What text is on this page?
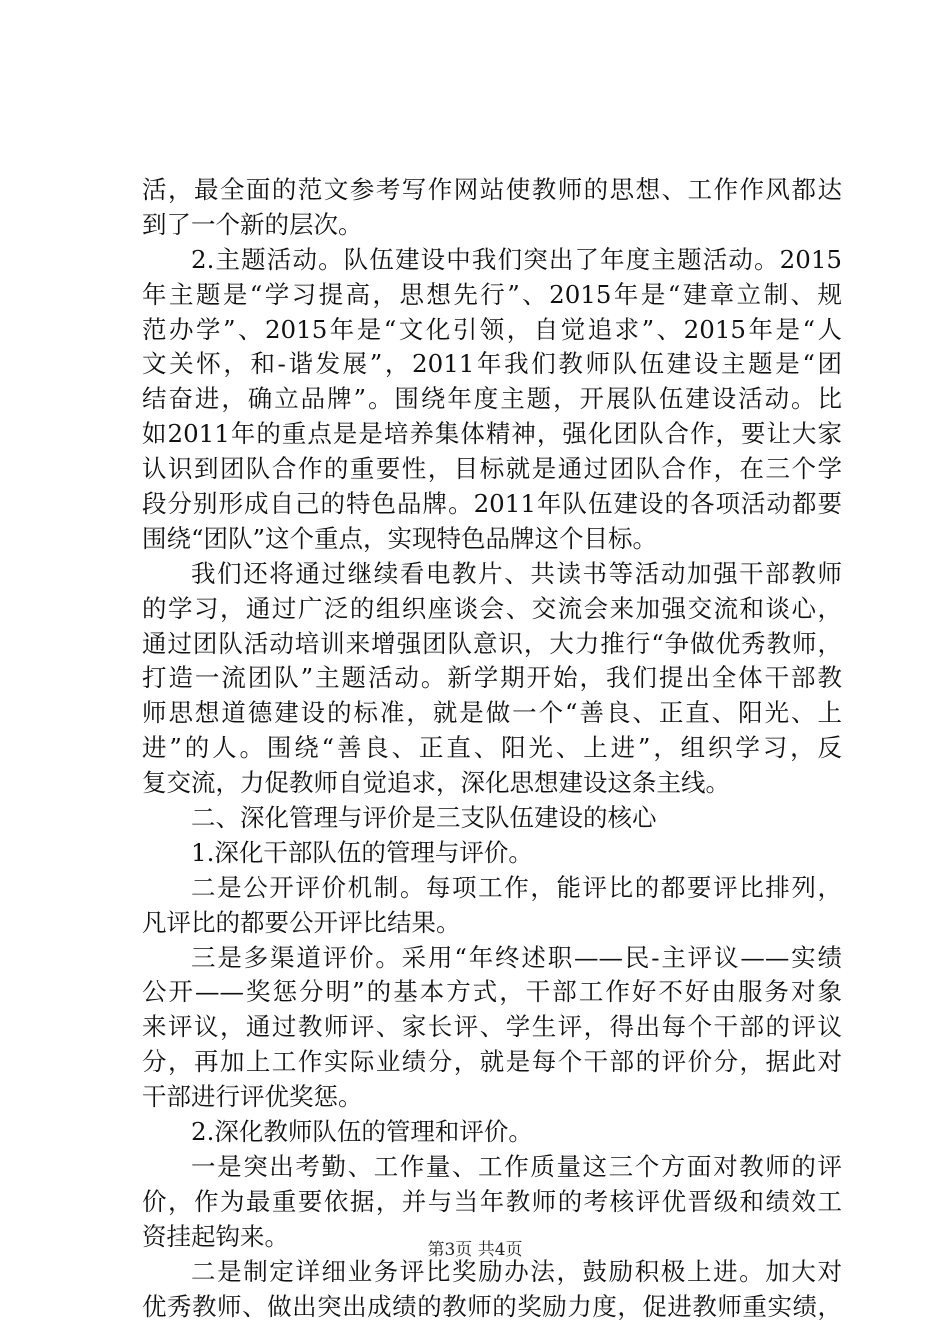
活，最全面的范文参考写作网站使教师的思想、工作作风都达
到了一个新的层次。
2.主题活动。队伍建设中我们突出了年度主题活动。2015
年主题是“学习提高，思想先行”、2015年是“建章立制、规
范办学”、2015年是“文化引领，自觉追求”、2015年是“人
文关怀，和-谐发展”，2011年我们教师队伍建设主题是“团
结奋进，确立品牌”。围绕年度主题，开展队伍建设活动。比
如2011年的重点是是培养集体精神，强化团队合作，要让大家
认识到团队合作的重要性，目标就是通过团队合作，在三个学
段分别形成自己的特色品牌。2011年队伍建设的各项活动都要
围绕“团队”这个重点，实现特色品牌这个目标。
我们还将通过继续看电教片、共读书等活动加强干部教师
的学习，通过广泛的组织座谈会、交流会来加强交流和谈心，
通过团队活动培训来增强团队意识，大力推行“争做优秀教师，
打造一流团队”主题活动。新学期开始，我们提出全体干部教
师思想道德建设的标准，就是做一个“善良、正直、阳光、上
进”的人。围绕“善良、正直、阳光、上进”，组织学习，反
复交流，力促教师自觉追求，深化思想建设这条主线。
二、深化管理与评价是三支队伍建设的核心
1.深化干部队伍的管理与评价。
二是公开评价机制。每项工作，能评比的都要评比排列，
凡评比的都要公开评比结果。
三是多渠道评价。采用“年终述职——民-主评议——实绩
公开——奖惩分明”的基本方式，干部工作好不好由服务对象
来评议，通过教师评、家长评、学生评，得出每个干部的评议
分，再加上工作实际业绩分，就是每个干部的评价分，据此对
干部进行评优奖惩。
2.深化教师队伍的管理和评价。
一是突出考勤、工作量、工作质量这三个方面对教师的评
价，作为最重要依据，并与当年教师的考核评优晋级和绩效工
资挂起钩来。
二是制定详细业务评比奖励办法，鼓励积极上进。加大对
优秀教师、做出突出成绩的教师的奖励力度，促进教师重实绩，
第3页 共4页
